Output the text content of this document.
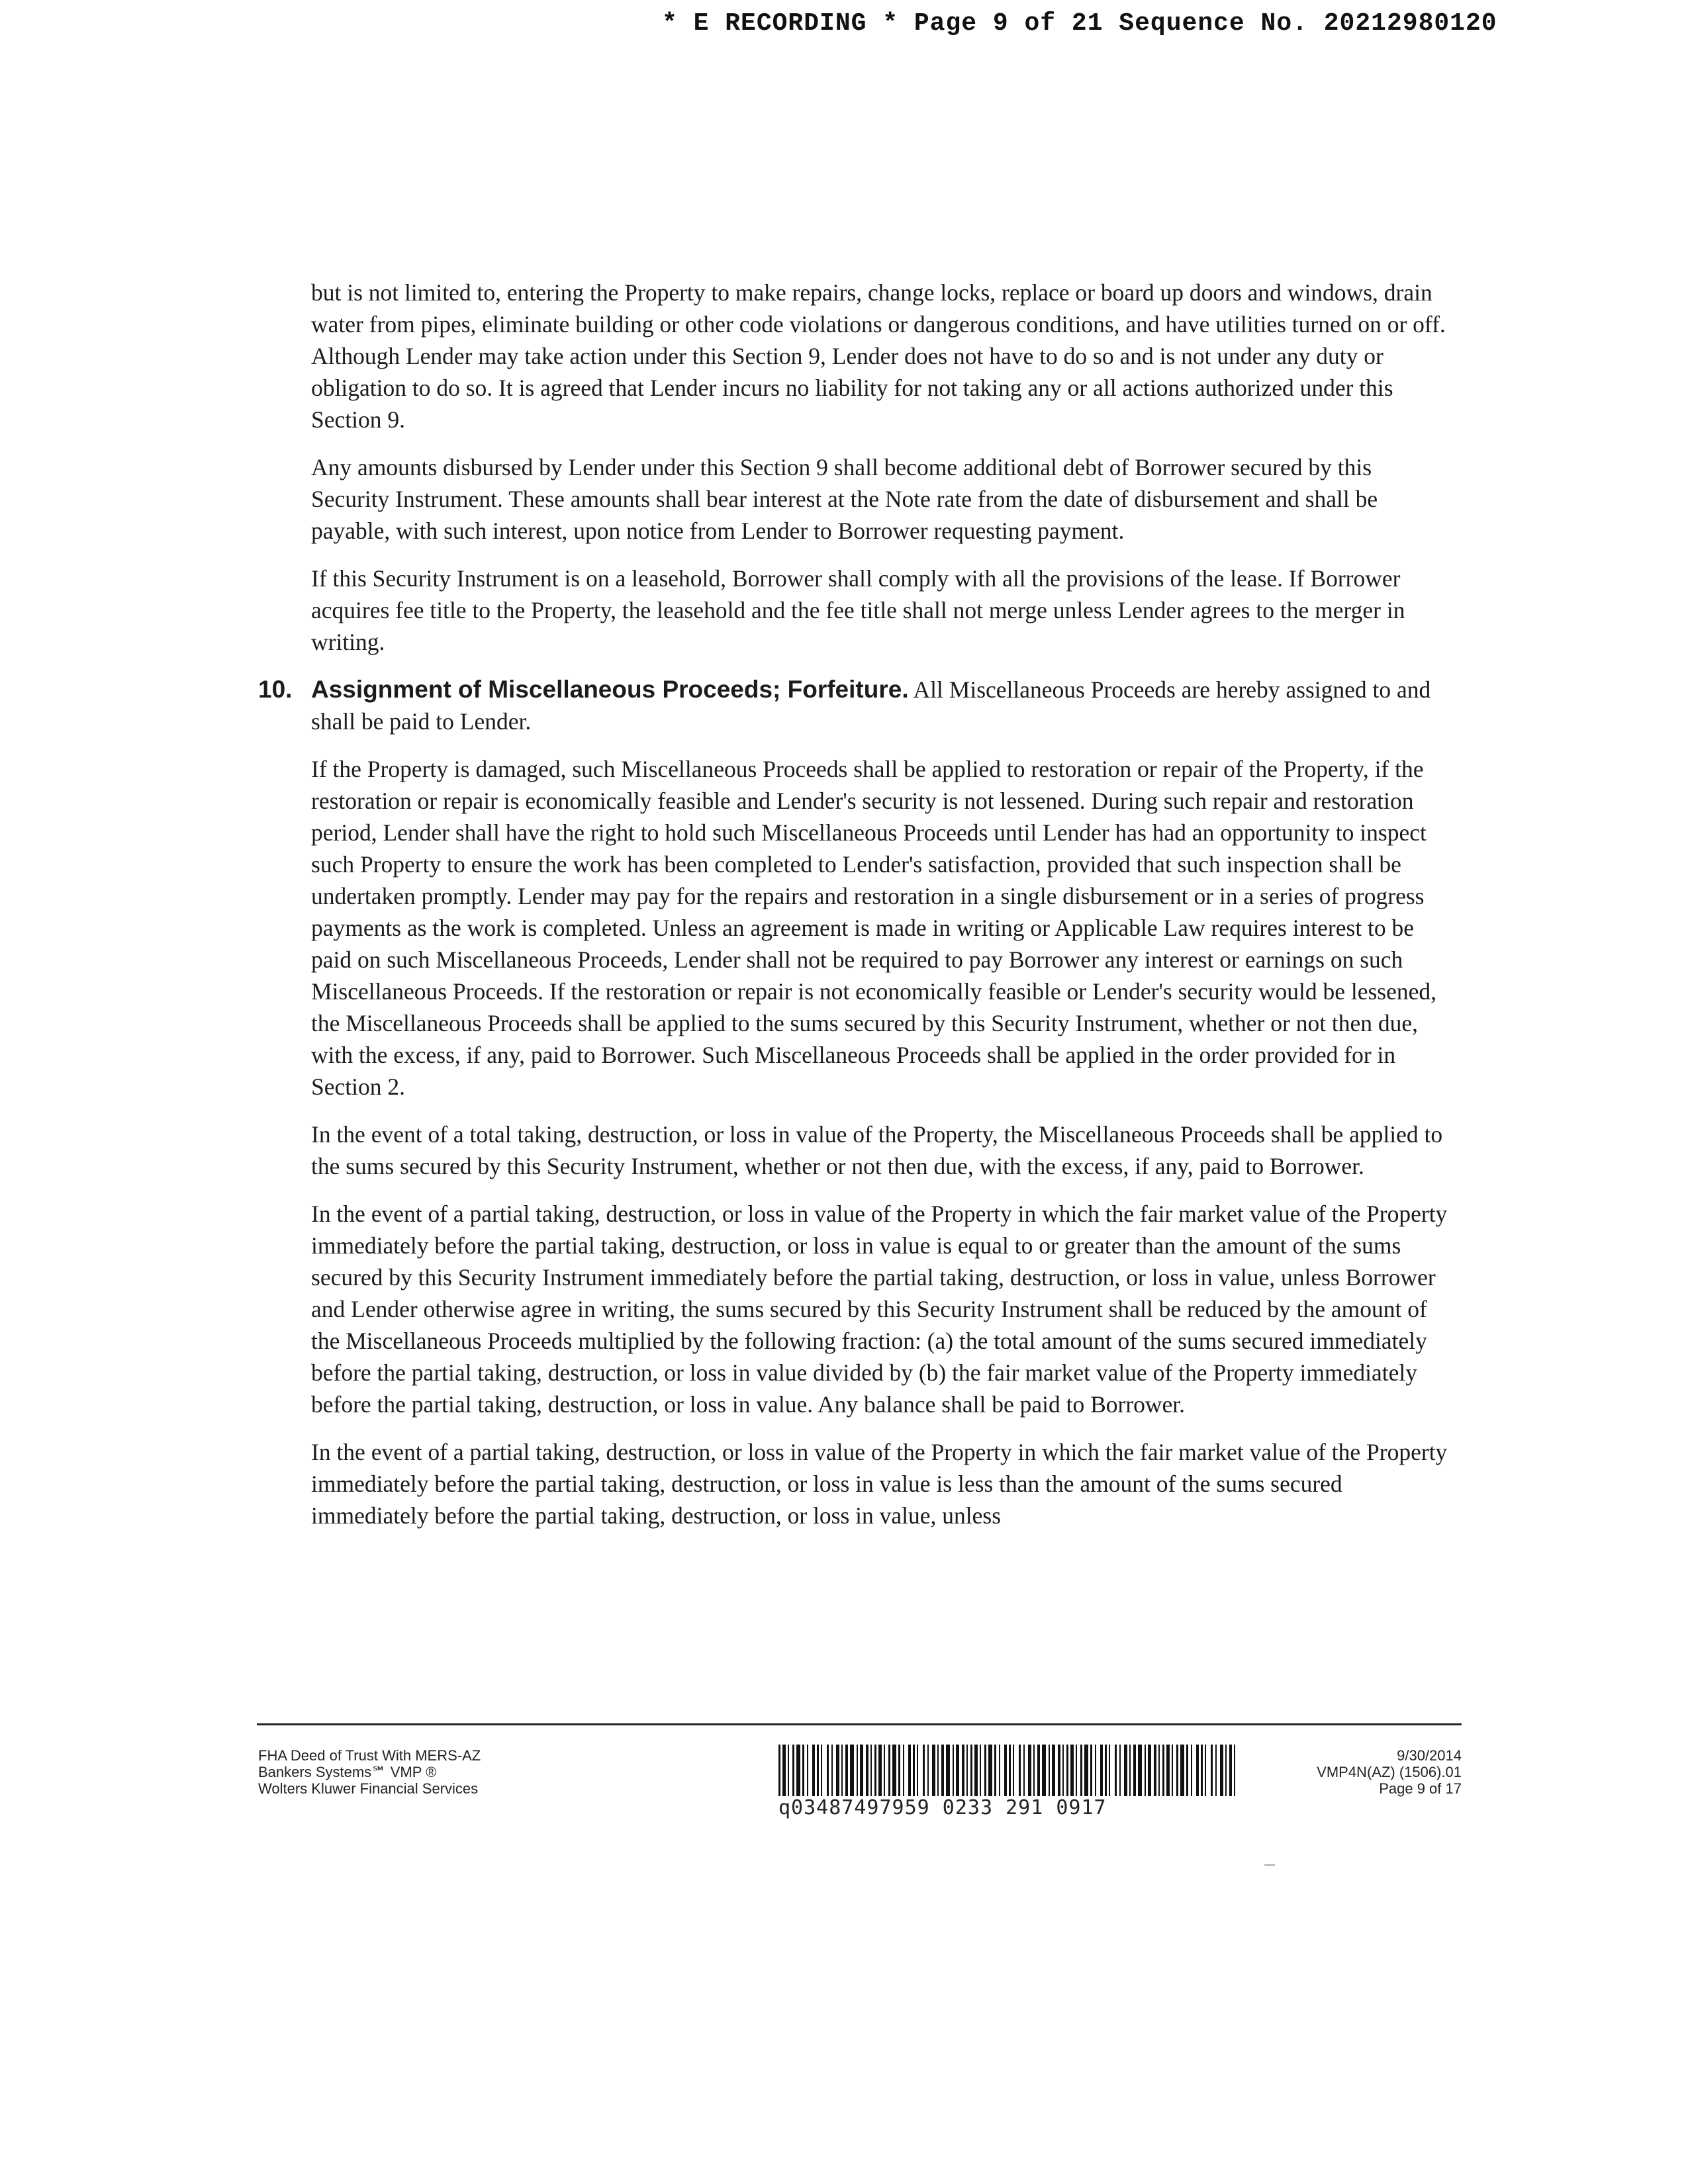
* E RECORDING * Page 9 of 21 Sequence No. 20212980120

but is not limited to, entering the Property to make repairs, change locks, replace or board up doors and windows, drain water from pipes, eliminate building or other code violations or dangerous conditions, and have utilities turned on or off. Although Lender may take action under this Section 9, Lender does not have to do so and is not under any duty or obligation to do so. It is agreed that Lender incurs no liability for not taking any or all actions authorized under this Section 9.

Any amounts disbursed by Lender under this Section 9 shall become additional debt of Borrower secured by this Security Instrument. These amounts shall bear interest at the Note rate from the date of disbursement and shall be payable, with such interest, upon notice from Lender to Borrower requesting payment.

If this Security Instrument is on a leasehold, Borrower shall comply with all the provisions of the lease. If Borrower acquires fee title to the Property, the leasehold and the fee title shall not merge unless Lender agrees to the merger in writing.

10. Assignment of Miscellaneous Proceeds; Forfeiture. All Miscellaneous Proceeds are hereby assigned to and shall be paid to Lender.

If the Property is damaged, such Miscellaneous Proceeds shall be applied to restoration or repair of the Property, if the restoration or repair is economically feasible and Lender's security is not lessened. During such repair and restoration period, Lender shall have the right to hold such Miscellaneous Proceeds until Lender has had an opportunity to inspect such Property to ensure the work has been completed to Lender's satisfaction, provided that such inspection shall be undertaken promptly. Lender may pay for the repairs and restoration in a single disbursement or in a series of progress payments as the work is completed. Unless an agreement is made in writing or Applicable Law requires interest to be paid on such Miscellaneous Proceeds, Lender shall not be required to pay Borrower any interest or earnings on such Miscellaneous Proceeds. If the restoration or repair is not economically feasible or Lender's security would be lessened, the Miscellaneous Proceeds shall be applied to the sums secured by this Security Instrument, whether or not then due, with the excess, if any, paid to Borrower. Such Miscellaneous Proceeds shall be applied in the order provided for in Section 2.

In the event of a total taking, destruction, or loss in value of the Property, the Miscellaneous Proceeds shall be applied to the sums secured by this Security Instrument, whether or not then due, with the excess, if any, paid to Borrower.

In the event of a partial taking, destruction, or loss in value of the Property in which the fair market value of the Property immediately before the partial taking, destruction, or loss in value is equal to or greater than the amount of the sums secured by this Security Instrument immediately before the partial taking, destruction, or loss in value, unless Borrower and Lender otherwise agree in writing, the sums secured by this Security Instrument shall be reduced by the amount of the Miscellaneous Proceeds multiplied by the following fraction: (a) the total amount of the sums secured immediately before the partial taking, destruction, or loss in value divided by (b) the fair market value of the Property immediately before the partial taking, destruction, or loss in value. Any balance shall be paid to Borrower.

In the event of a partial taking, destruction, or loss in value of the Property in which the fair market value of the Property immediately before the partial taking, destruction, or loss in value is less than the amount of the sums secured immediately before the partial taking, destruction, or loss in value, unless

FHA Deed of Trust With MERS-AZ
Bankers Systems℠ VMP ®
Wolters Kluwer Financial Services
q03487497959 0233 291 0917
9/30/2014
VMP4N(AZ) (1506).01
Page 9 of 17
